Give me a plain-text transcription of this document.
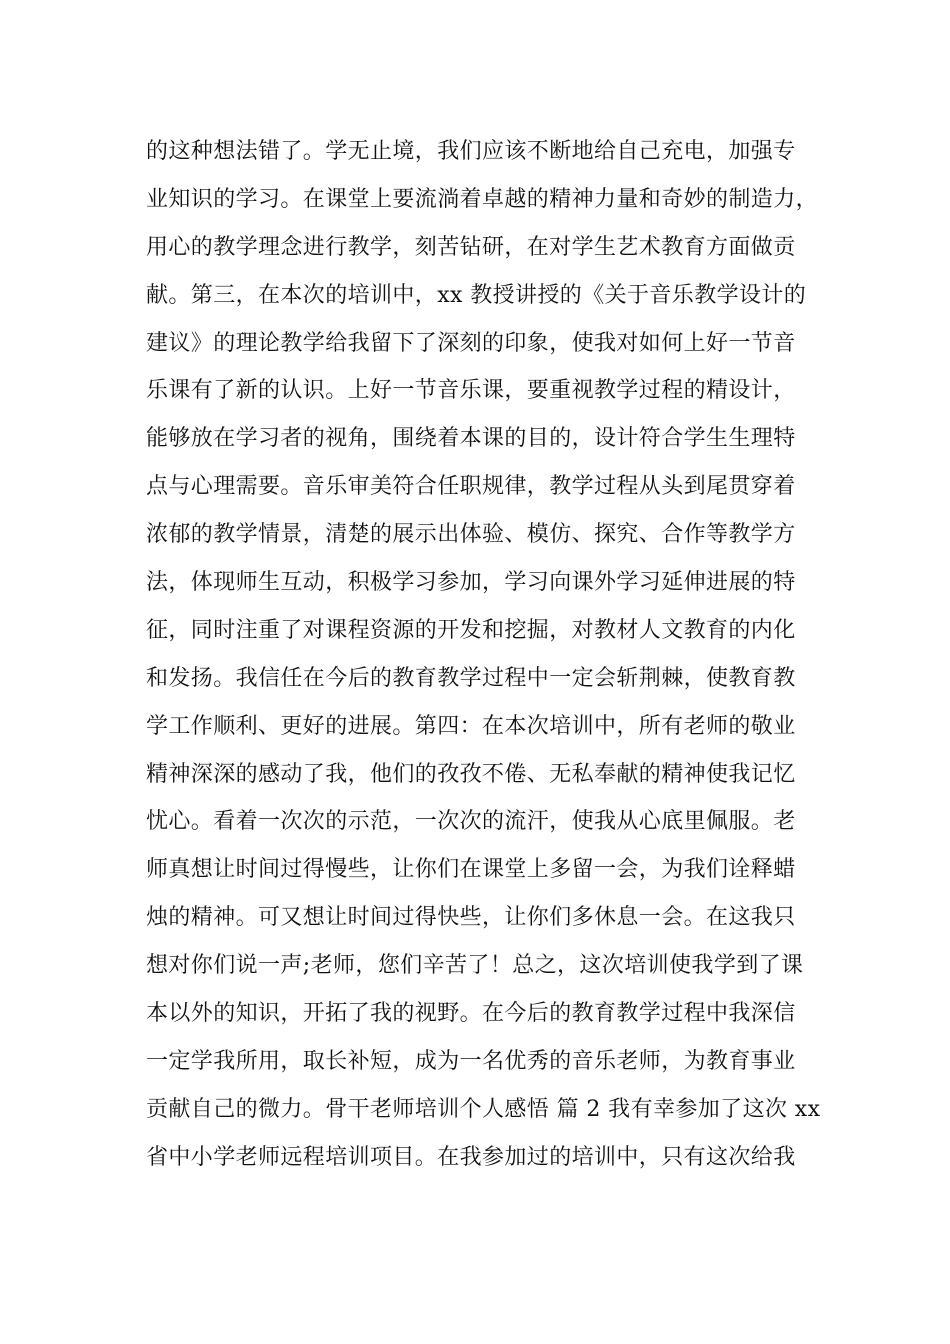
的这种想法错了。学无止境，我们应该不断地给自己充电，加强专
业知识的学习。在课堂上要流淌着卓越的精神力量和奇妙的制造力，
用心的教学理念进行教学，刻苦钻研，在对学生艺术教育方面做贡
献。第三，在本次的培训中，xx 教授讲授的《关于音乐教学设计的
建议》的理论教学给我留下了深刻的印象，使我对如何上好一节音
乐课有了新的认识。上好一节音乐课，要重视教学过程的精设计，
能够放在学习者的视角，围绕着本课的目的，设计符合学生生理特
点与心理需要。音乐审美符合任职规律，教学过程从头到尾贯穿着
浓郁的教学情景，清楚的展示出体验、模仿、探究、合作等教学方
法，体现师生互动，积极学习参加，学习向课外学习延伸进展的特
征，同时注重了对课程资源的开发和挖掘，对教材人文教育的内化
和发扬。我信任在今后的教育教学过程中一定会斩荆棘，使教育教
学工作顺利、更好的进展。第四：在本次培训中，所有老师的敬业
精神深深的感动了我，他们的孜孜不倦、无私奉献的精神使我记忆
忧心。看着一次次的示范，一次次的流汗，使我从心底里佩服。老
师真想让时间过得慢些，让你们在课堂上多留一会，为我们诠释蜡
烛的精神。可又想让时间过得快些，让你们多休息一会。在这我只
想对你们说一声;老师，您们辛苦了！总之，这次培训使我学到了课
本以外的知识，开拓了我的视野。在今后的教育教学过程中我深信
一定学我所用，取长补短，成为一名优秀的音乐老师，为教育事业
贡献自己的微力。骨干老师培训个人感悟 篇 2 我有幸参加了这次 xx
省中小学老师远程培训项目。在我参加过的培训中，只有这次给我
